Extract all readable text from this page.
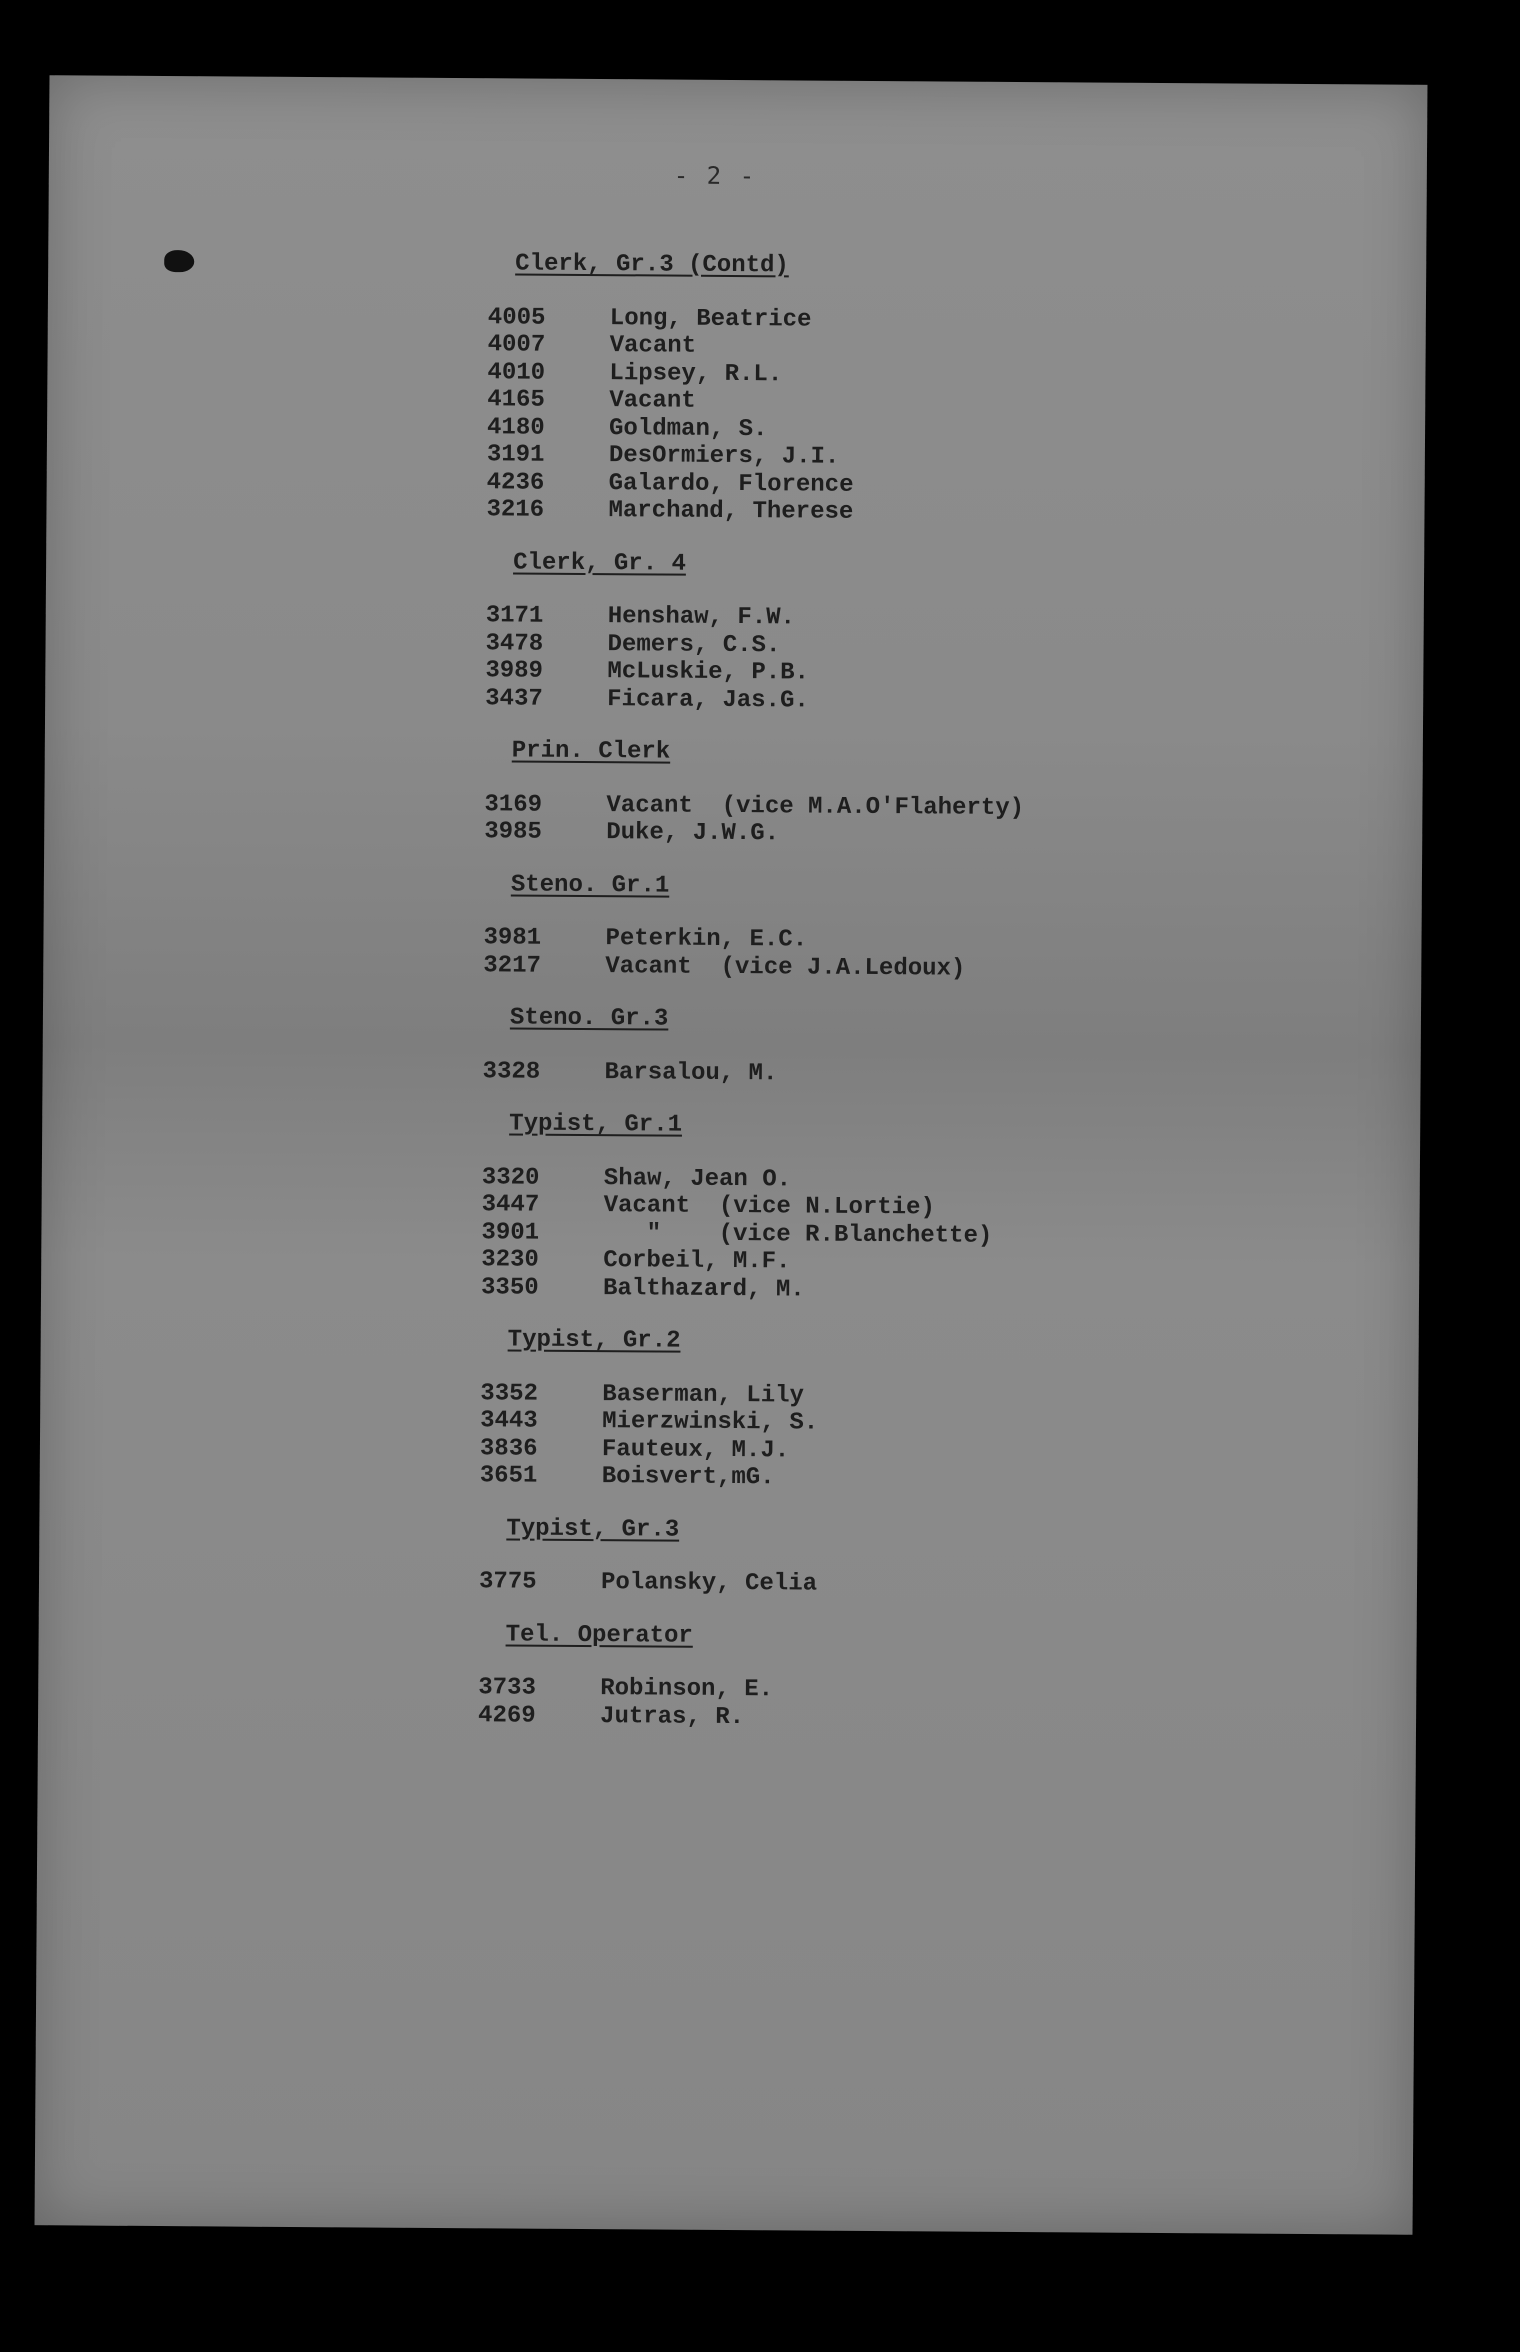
- 2 -
Clerk, Gr.3 (Contd)
4005	Long, Beatrice
4007	Vacant
4010	Lipsey, R.L.
4165	Vacant
4180	Goldman, S.
3191	DesOrmiers, J.I.
4236	Galardo, Florence
3216	Marchand, Therese
Clerk, Gr. 4
3171	Henshaw, F.W.
3478	Demers, C.S.
3989	McLuskie, P.B.
3437	Ficara, Jas.G.
Prin. Clerk
3169	Vacant  (vice M.A.O'Flaherty)
3985	Duke, J.W.G.
Steno. Gr.1
3981	Peterkin, E.C.
3217	Vacant  (vice J.A.Ledoux)
Steno. Gr.3
3328	Barsalou, M.
Typist, Gr.1
3320	Shaw, Jean O.
3447	Vacant  (vice N.Lortie)
3901	"    (vice R.Blanchette)
3230	Corbeil, M.F.
3350	Balthazard, M.
Typist, Gr.2
3352	Baserman, Lily
3443	Mierzwinski, S.
3836	Fauteux, M.J.
3651	Boisvert,mG.
Typist, Gr.3
3775	Polansky, Celia
Tel. Operator
3733	Robinson, E.
4269	Jutras, R.
